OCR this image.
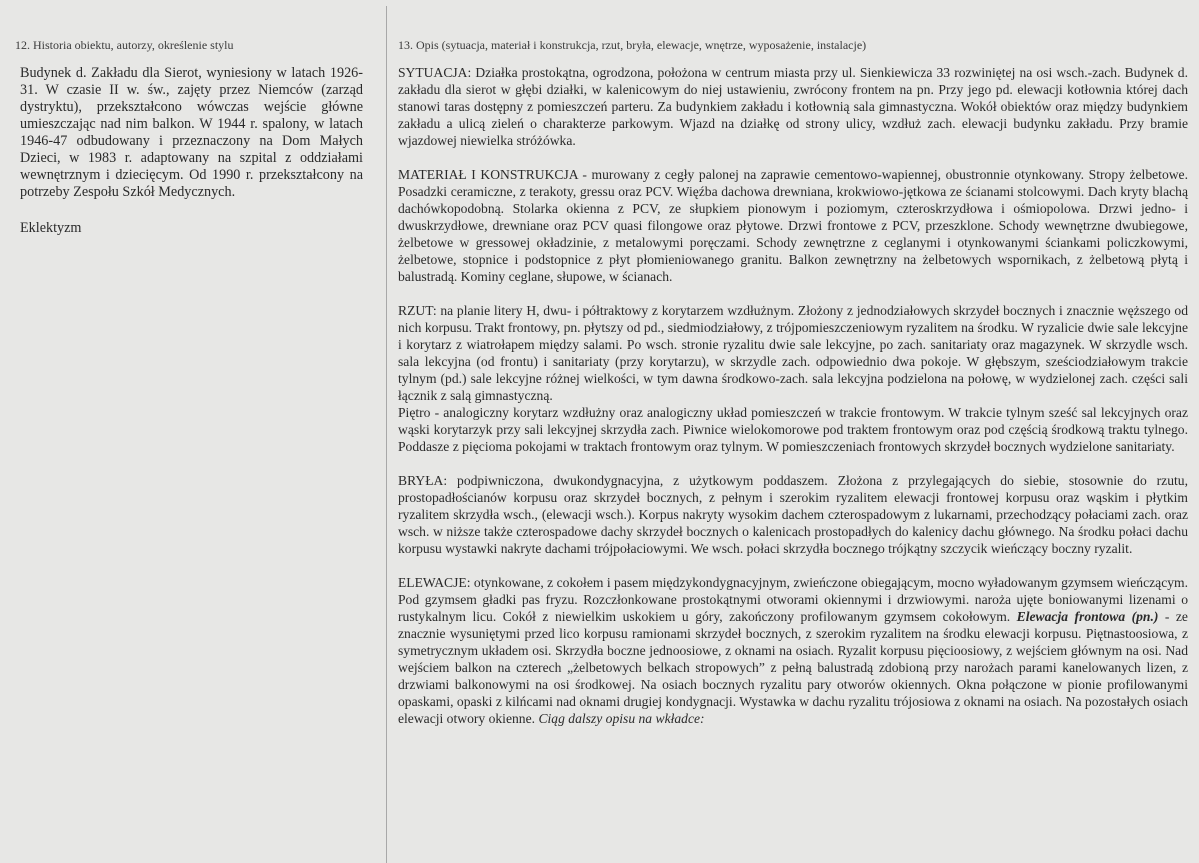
12. Historia obiektu, autorzy, określenie stylu

Budynek d. Zakładu dla Sierot, wyniesiony w latach 1926-31. W czasie II w. św., zajęty przez Niemców (zarząd dystryktu), przekształcono wówczas wejście główne umieszczając nad nim balkon. W 1944 r. spalony, w latach 1946-47 odbudowany i przeznaczony na Dom Małych Dzieci, w 1983 r. adaptowany na szpital z oddziałami wewnętrznym i dziecięcym. Od 1990 r. przekształcony na potrzeby Zespołu Szkół Medycznych.

Eklektyzm
13. Opis (sytuacja, materiał i konstrukcja, rzut, bryła, elewacje, wnętrze, wyposażenie, instalacje)

SYTUACJA: Działka prostokątna, ogrodzona, położona w centrum miasta przy ul. Sienkiewicza 33 rozwiniętej na osi wsch.-zach. Budynek d. zakładu dla sierot w głębi działki, w kalenicowym do niej ustawieniu, zwrócony frontem na pn. Przy jego pd. elewacji kotłownia której dach stanowi taras dostępny z pomieszczeń parteru. Za budynkiem zakładu i kotłownią sala gimnastyczna. Wokół obiektów oraz między budynkiem zakładu a ulicą zieleń o charakterze parkowym. Wjazd na działkę od strony ulicy, wzdłuż zach. elewacji budynku zakładu. Przy bramie wjazdowej niewielka stróżówka.

MATERIAŁ I KONSTRUKCJA - murowany z cegły palonej na zaprawie cementowo-wapiennej, obustronnie otynkowany. Stropy żelbetowe. Posadzki ceramiczne, z terakoty, gressu oraz PCV. Więźba dachowa drewniana, krokwiowo-jętkowa ze ścianami stolcowymi. Dach kryty blachą dachówkopodobną. Stolarka okienna z PCV, ze słupkiem pionowym i poziomym, czteroskrzydłowa i ośmiopolowa. Drzwi jedno- i dwuskrzydłowe, drewniane oraz PCV quasi filongowe oraz płytowe. Drzwi frontowe z PCV, przeszklone. Schody wewnętrzne dwubiegowe, żelbetowe w gressowej okładzinie, z metalowymi poręczami. Schody zewnętrzne z ceglanymi i otynkowanymi ściankami policzkowymi, żelbetowe, stopnice i podstopnice z płyt płomieniowanego granitu. Balkon zewnętrzny na żelbetowych wspornikach, z żelbetową płytą i balustradą. Kominy ceglane, słupowe, w ścianach.

RZUT: na planie litery H, dwu- i półtraktowy z korytarzem wzdłużnym. Złożony z jednodziałowych skrzydeł bocznych i znacznie węższego od nich korpusu. Trakt frontowy, pn. płytszy od pd., siedmiodziałowy, z trójpomieszczeniowym ryzalitem na środku. W ryzalicie dwie sale lekcyjne i korytarz z wiatrołapem między salami. Po wsch. stronie ryzalitu dwie sale lekcyjne, po zach. sanitariaty oraz magazynek. W skrzydle wsch. sala lekcyjna (od frontu) i sanitariaty (przy korytarzu), w skrzydle zach. odpowiednio dwa pokoje. W głębszym, sześciodziałowym trakcie tylnym (pd.) sale lekcyjne różnej wielkości, w tym dawna środkowo-zach. sala lekcyjna podzielona na połowę, w wydzielonej zach. części sali łącznik z salą gimnastyczną.

Piętro - analogiczny korytarz wzdłużny oraz analogiczny układ pomieszczeń w trakcie frontowym. W trakcie tylnym sześć sal lekcyjnych oraz wąski korytarzyk przy sali lekcyjnej skrzydła zach. Piwnice wielokomorowe pod traktem frontowym oraz pod częścią środkową traktu tylnego. Poddasze z pięcioma pokojami w traktach frontowym oraz tylnym. W pomieszczeniach frontowych skrzydeł bocznych wydzielone sanitariaty.

BRYŁA: podpiwniczona, dwukondygnacyjna, z użytkowym poddaszem. Złożona z przylegających do siebie, stosownie do rzutu, prostopadłościanów korpusu oraz skrzydeł bocznych, z pełnym i szerokim ryzalitem elewacji frontowej korpusu oraz wąskim i płytkim ryzalitem skrzydła wsch., (elewacji wsch.). Korpus nakryty wysokim dachem czterospadowym z lukarnami, przechodzący połaciami zach. oraz wsch. w niższe także czterospadowe dachy skrzydeł bocznych o kalenicach prostopadłych do kalenicy dachu głównego. Na środku połaci dachu korpusu wystawki nakryte dachami trójpołaciowymi. We wsch. połaci skrzydła bocznego trójkątny szczycik wieńczący boczny ryzalit.

ELEWACJE: otynkowane, z cokołem i pasem międzykondygnacyjnym, zwieńczone obiegającym, mocno wyładowanym gzymsem wieńczącym. Pod gzymsem gładki pas fryzu. Rozczłonkowane prostokątnymi otworami okiennymi i drzwiowymi. naroża ujęte boniowanymi lizenami o rustykalnym licu. Cokół z niewielkim uskokiem u góry, zakończony profilowanym gzymsem cokołowym. Elewacja frontowa (pn.) - ze znacznie wysuniętymi przed lico korpusu ramionami skrzydeł bocznych, z szerokim ryzalitem na środku elewacji korpusu. Piętnastoosiowa, z symetrycznym układem osi. Skrzydła boczne jednoosiowe, z oknami na osiach. Ryzalit korpusu pięcioosiowy, z wejściem głównym na osi. Nad wejściem balkon na czterech „żelbetowych belkach stropowych” z pełną balustradą zdobioną przy narożach parami kanelowanych lizen, z drzwiami balkonowymi na osi środkowej. Na osiach bocznych ryzalitu pary otworów okiennych. Okna połączone w pionie profilowanymi opaskami, opaski z kilńcami nad oknami drugiej kondygnacji. Wystawka w dachu ryzalitu trójosiowa z oknami na osiach. Na pozostałych osiach elewacji otwory okienne. Ciąg dalszy opisu na wkładce:
